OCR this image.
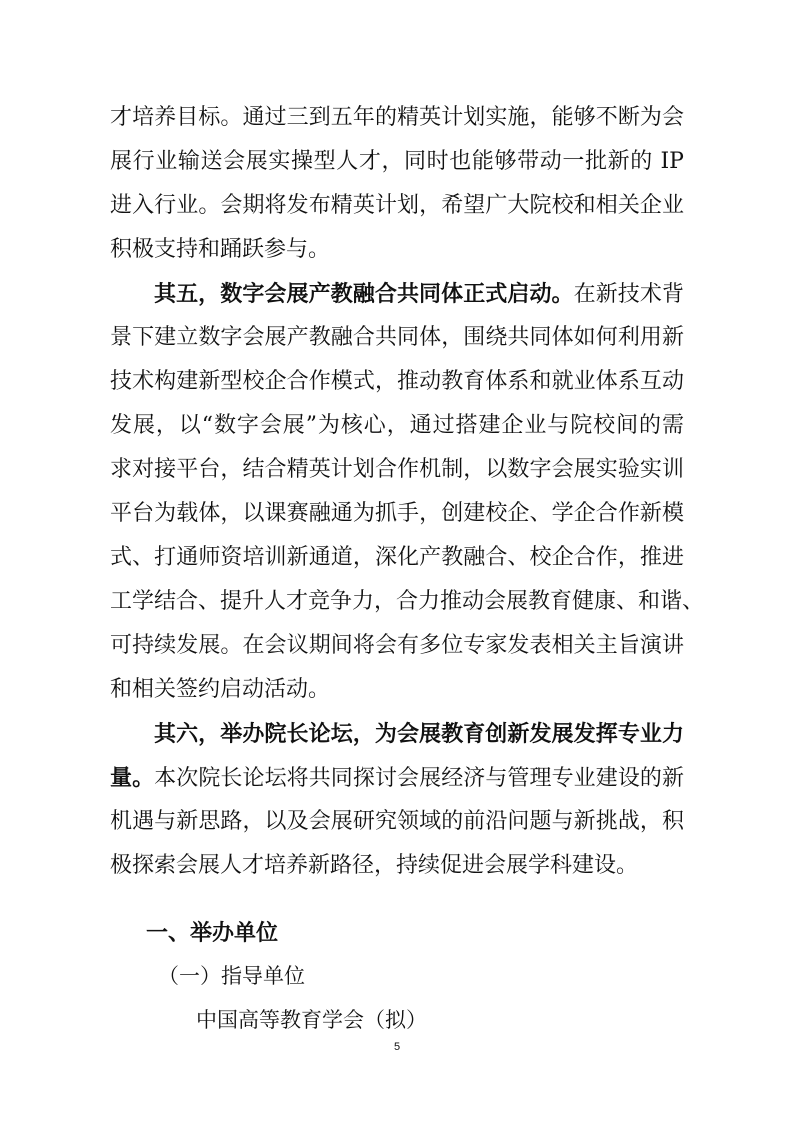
才培养目标。通过三到五年的精英计划实施，能够不断为会
展行业输送会展实操型人才，同时也能够带动一批新的 IP
进入行业。会期将发布精英计划，希望广大院校和相关企业
积极支持和踊跃参与。
其五，数字会展产教融合共同体正式启动。在新技术背
景下建立数字会展产教融合共同体，围绕共同体如何利用新
技术构建新型校企合作模式，推动教育体系和就业体系互动
发展，以“数字会展”为核心，通过搭建企业与院校间的需
求对接平台，结合精英计划合作机制，以数字会展实验实训
平台为载体，以课赛融通为抓手，创建校企、学企合作新模
式、打通师资培训新通道，深化产教融合、校企合作，推进
工学结合、提升人才竞争力，合力推动会展教育健康、和谐、
可持续发展。在会议期间将会有多位专家发表相关主旨演讲
和相关签约启动活动。
其六，举办院长论坛，为会展教育创新发展发挥专业力
量。本次院长论坛将共同探讨会展经济与管理专业建设的新
机遇与新思路，以及会展研究领域的前沿问题与新挑战，积
极探索会展人才培养新路径，持续促进会展学科建设。
一、举办单位
（一）指导单位
中国高等教育学会（拟）
5
